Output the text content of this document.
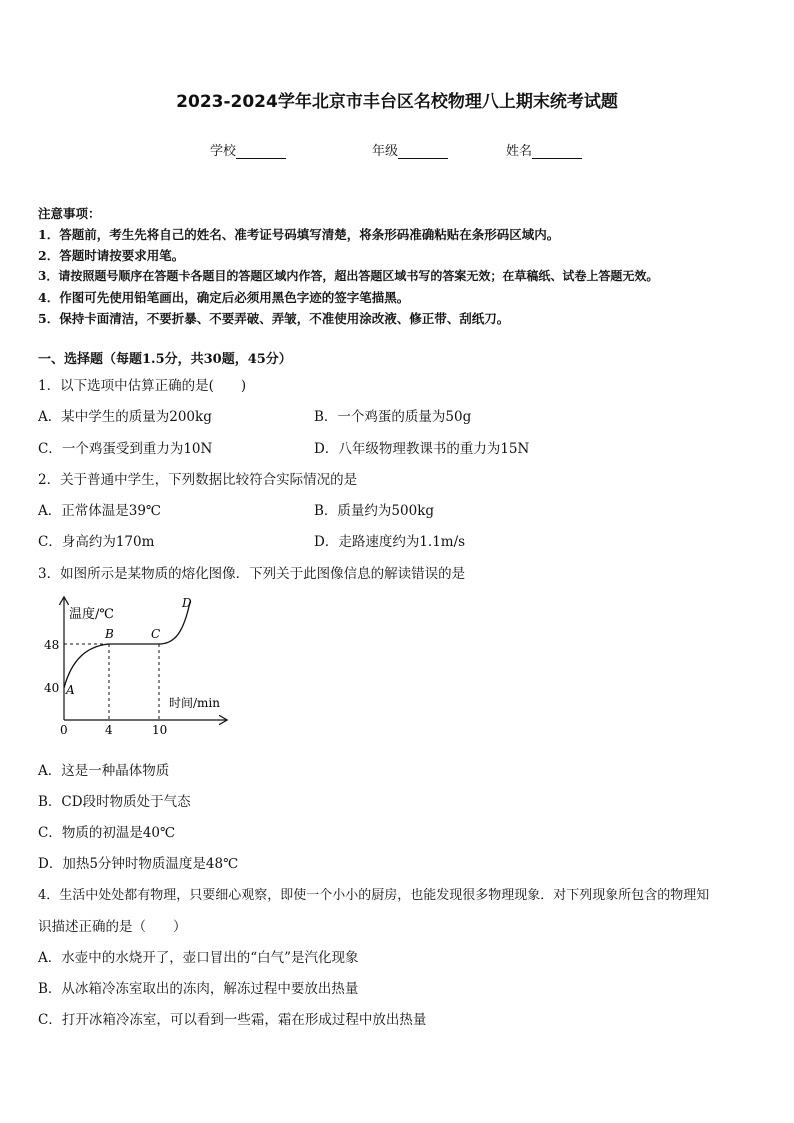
2023-2024学年北京市丰台区名校物理八上期末统考试题
学校	年级	姓名
注意事项：
1．答题前，考生先将自己的姓名、准考证号码填写清楚，将条形码准确粘贴在条形码区域内。
2．答题时请按要求用笔。
3．请按照题号顺序在答题卡各题目的答题区域内作答，超出答题区域书写的答案无效；在草稿纸、试卷上答题无效。
4．作图可先使用铅笔画出，确定后必须用黑色字迹的签字笔描黑。
5．保持卡面清洁，不要折暴、不要弄破、弄皱，不准使用涂改液、修正带、刮纸刀。
一、选择题（每题1.5分，共30题，45分）
1．以下选项中估算正确的是(　　)
A．某中学生的质量为200kg	B．一个鸡蛋的质量为50g
C．一个鸡蛋受到重力为10N	D．八年级物理教课书的重力为15N
2．关于普通中学生，下列数据比较符合实际情况的是
A．正常体温是39℃	B．质量约为500kg
C．身高约为170m	D．走路速度约为1.1m/s
3．如图所示是某物质的熔化图像．下列关于此图像信息的解读错误的是
温度/℃
时间/min
48
40
0	4	10
A
B	C
D
A．这是一种晶体物质
B．CD段时物质处于气态
C．物质的初温是40℃
D．加热5分钟时物质温度是48℃
4．生活中处处都有物理，只要细心观察，即使一个小小的厨房，也能发现很多物理现象．对下列现象所包含的物理知
识描述正确的是（　　）
A．水壶中的水烧开了，壶口冒出的“白气”是汽化现象
B．从冰箱冷冻室取出的冻肉，解冻过程中要放出热量
C．打开冰箱冷冻室，可以看到一些霜，霜在形成过程中放出热量
